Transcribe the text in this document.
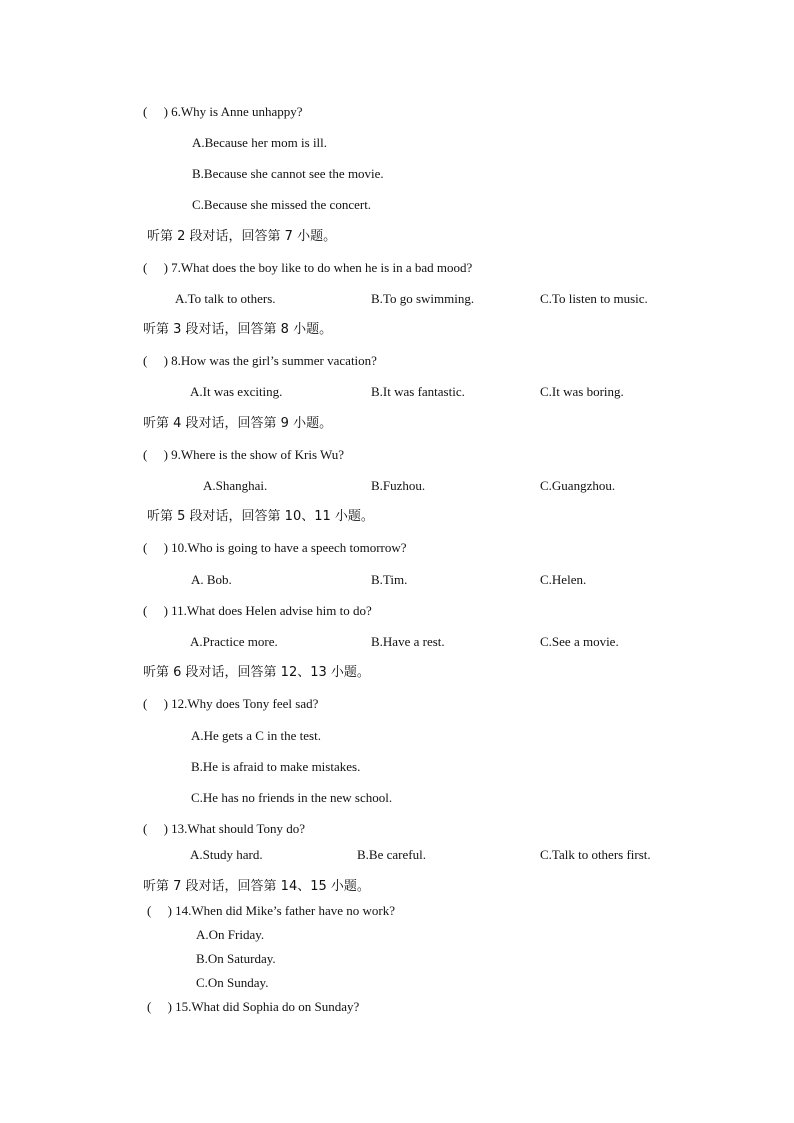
(　 ) 6.Why is Anne unhappy?
A.Because her mom is ill.
B.Because she cannot see the movie.
C.Because she missed the concert.
听第 2 段对话，回答第 7 小题。
(　 ) 7.What does the boy like to do when he is in a bad mood?
A.To talk to others.	B.To go swimming.	C.To listen to music.
听第 3 段对话，回答第 8 小题。
(　 ) 8.How was the girl’s summer vacation?
A.It was exciting.	B.It was fantastic.	C.It was boring.
听第 4 段对话，回答第 9 小题。
(　 ) 9.Where is the show of Kris Wu?
A.Shanghai.	B.Fuzhou.	C.Guangzhou.
听第 5 段对话，回答第 10、11 小题。
(　 ) 10.Who is going to have a speech tomorrow?
A. Bob.	B.Tim.	C.Helen.
(　 ) 11.What does Helen advise him to do?
A.Practice more.	B.Have a rest.	C.See a movie.
听第 6 段对话，回答第 12、13 小题。
(　 ) 12.Why does Tony feel sad?
A.He gets a C in the test.
B.He is afraid to make mistakes.
C.He has no friends in the new school.
(　 ) 13.What should Tony do?
A.Study hard.	B.Be careful.	C.Talk to others first.
听第 7 段对话，回答第 14、15 小题。
(　 ) 14.When did Mike’s father have no work?
A.On Friday.
B.On Saturday.
C.On Sunday.
(　 ) 15.What did Sophia do on Sunday?
